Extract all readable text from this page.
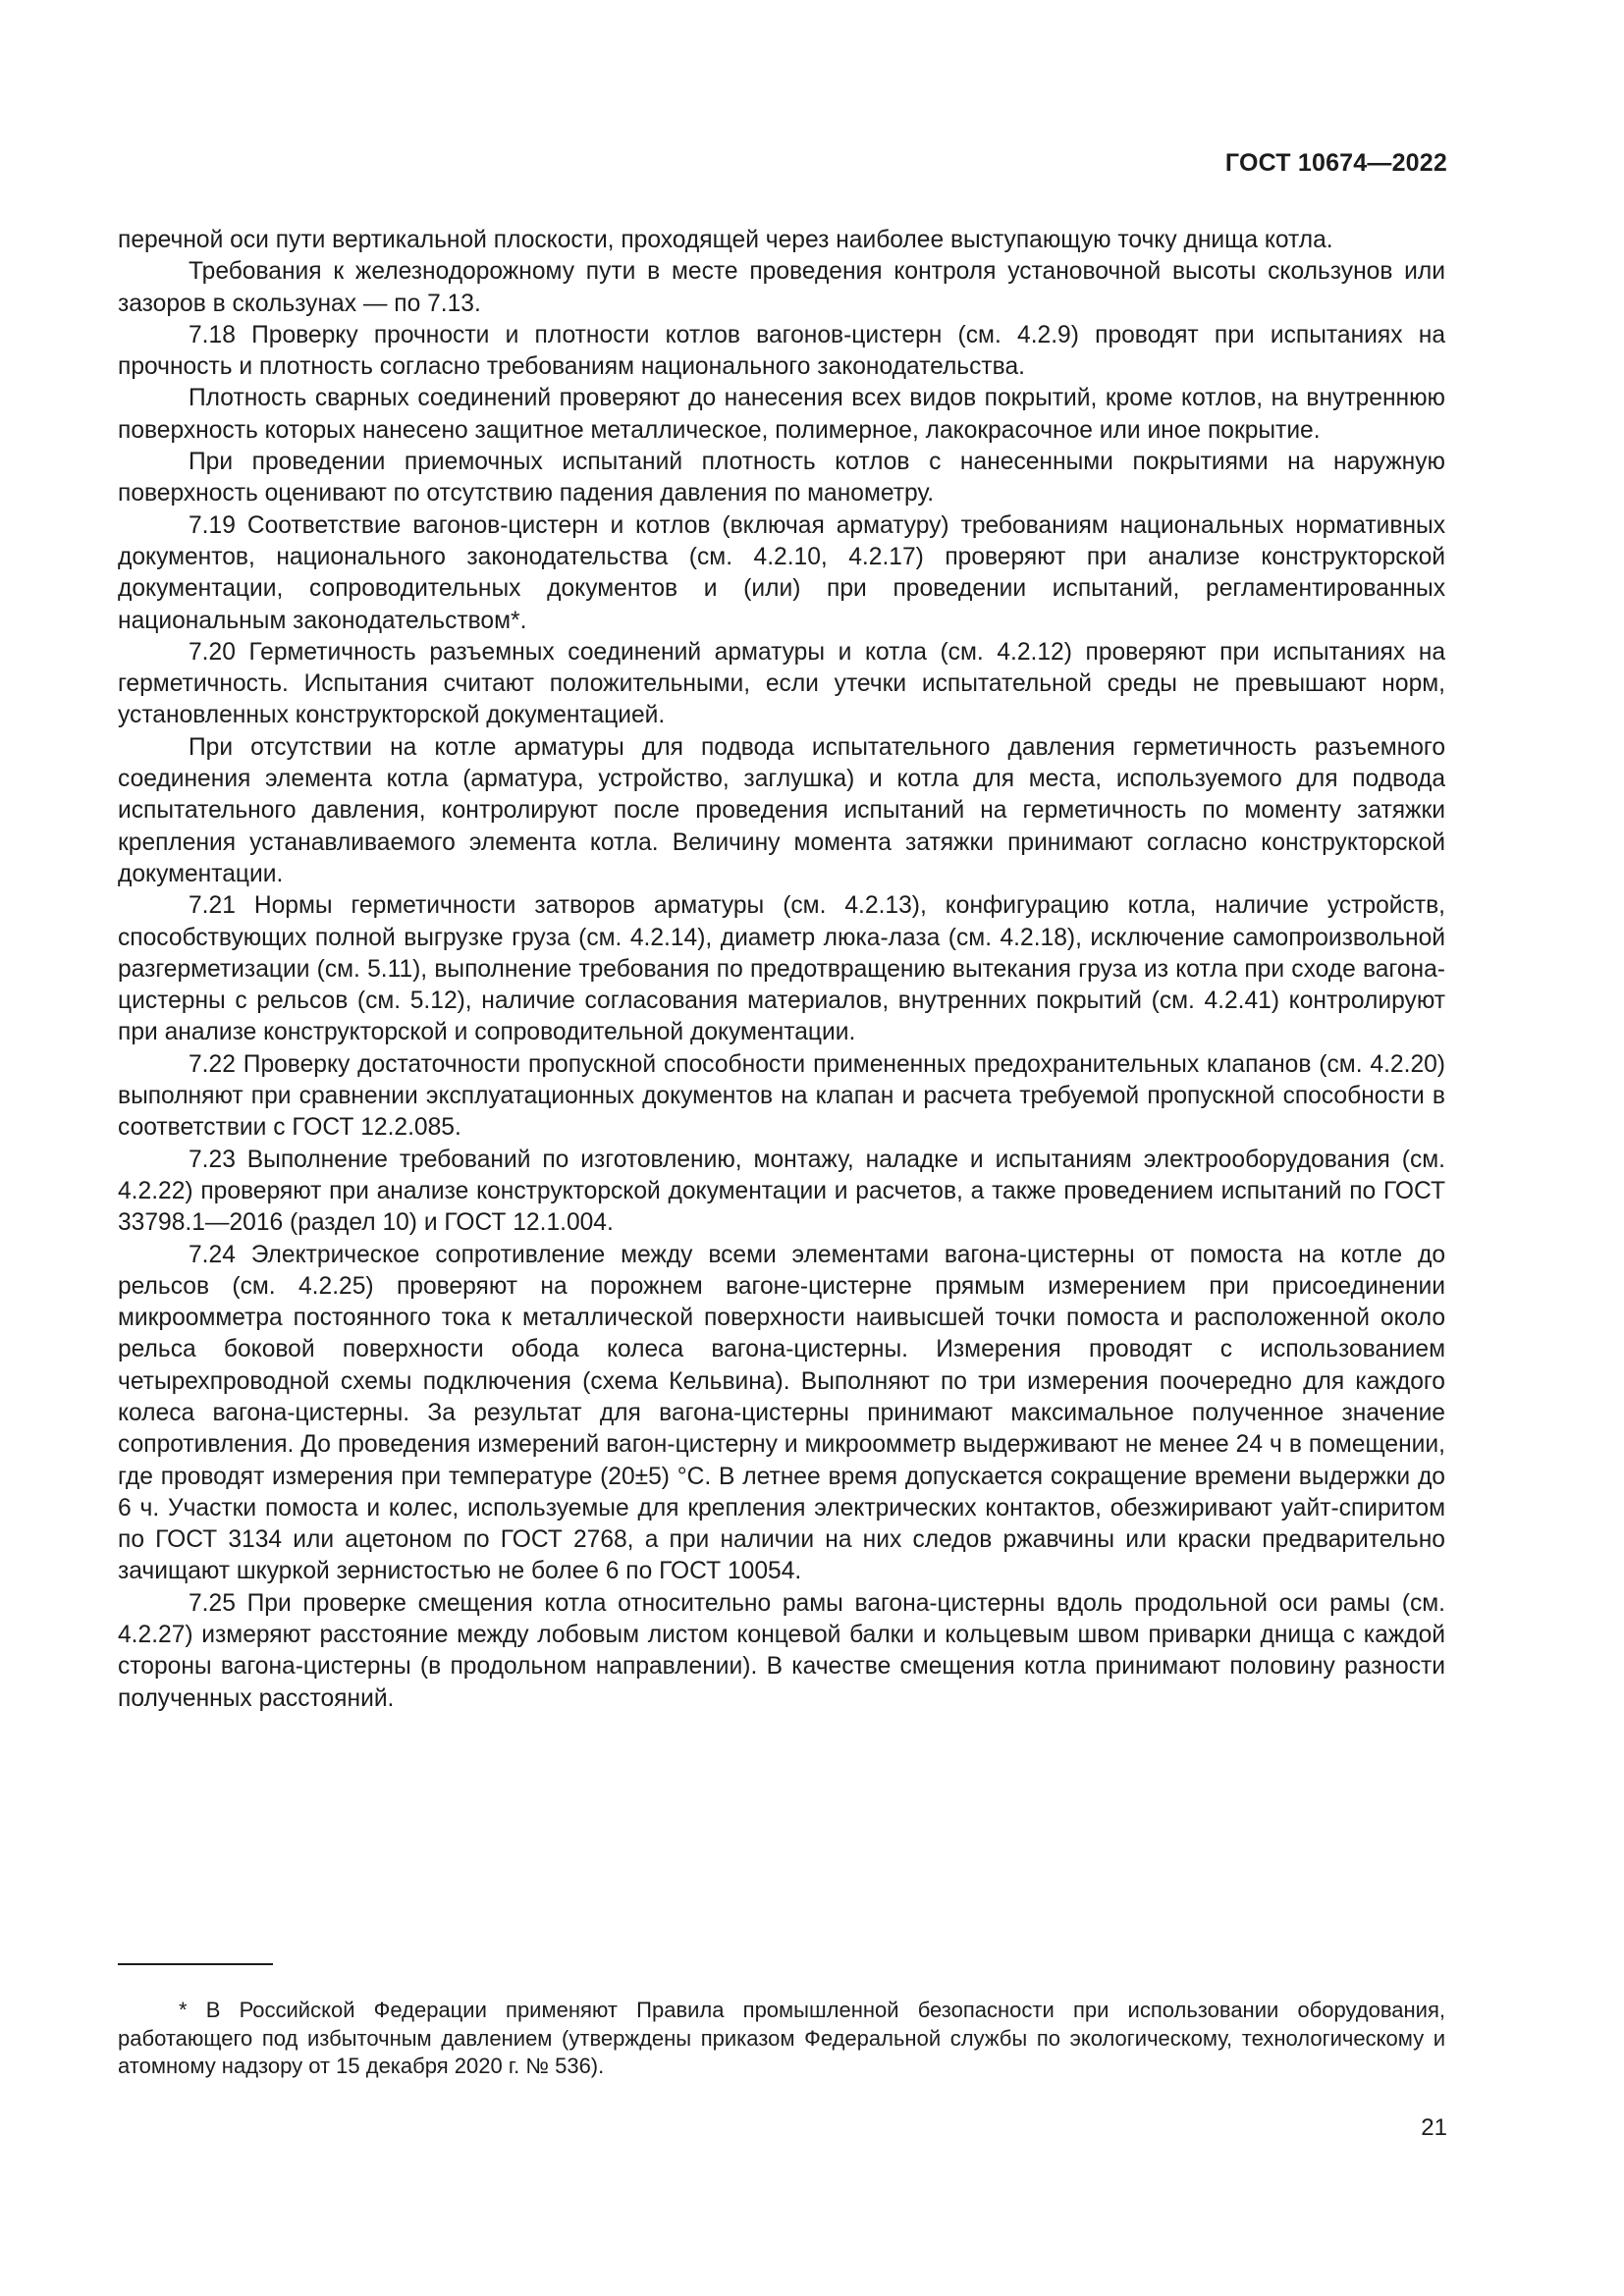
ГОСТ 10674—2022

перечной оси пути вертикальной плоскости, проходящей через наиболее выступающую точку днища котла.

Требования к железнодорожному пути в месте проведения контроля установочной высоты скользунов или зазоров в скользунах — по 7.13.

7.18 Проверку прочности и плотности котлов вагонов-цистерн (см. 4.2.9) проводят при испытаниях на прочность и плотность согласно требованиям национального законодательства.

Плотность сварных соединений проверяют до нанесения всех видов покрытий, кроме котлов, на внутреннюю поверхность которых нанесено защитное металлическое, полимерное, лакокрасочное или иное покрытие.

При проведении приемочных испытаний плотность котлов с нанесенными покрытиями на наружную поверхность оценивают по отсутствию падения давления по манометру.

7.19 Соответствие вагонов-цистерн и котлов (включая арматуру) требованиям национальных нормативных документов, национального законодательства (см. 4.2.10, 4.2.17) проверяют при анализе конструкторской документации, сопроводительных документов и (или) при проведении испытаний, регламентированных национальным законодательством*.

7.20 Герметичность разъемных соединений арматуры и котла (см. 4.2.12) проверяют при испытаниях на герметичность. Испытания считают положительными, если утечки испытательной среды не превышают норм, установленных конструкторской документацией.

При отсутствии на котле арматуры для подвода испытательного давления герметичность разъемного соединения элемента котла (арматура, устройство, заглушка) и котла для места, используемого для подвода испытательного давления, контролируют после проведения испытаний на герметичность по моменту затяжки крепления устанавливаемого элемента котла. Величину момента затяжки принимают согласно конструкторской документации.

7.21 Нормы герметичности затворов арматуры (см. 4.2.13), конфигурацию котла, наличие устройств, способствующих полной выгрузке груза (см. 4.2.14), диаметр люка-лаза (см. 4.2.18), исключение самопроизвольной разгерметизации (см. 5.11), выполнение требования по предотвращению вытекания груза из котла при сходе вагона-цистерны с рельсов (см. 5.12), наличие согласования материалов, внутренних покрытий (см. 4.2.41) контролируют при анализе конструкторской и сопроводительной документации.

7.22 Проверку достаточности пропускной способности примененных предохранительных клапанов (см. 4.2.20) выполняют при сравнении эксплуатационных документов на клапан и расчета требуемой пропускной способности в соответствии с ГОСТ 12.2.085.

7.23 Выполнение требований по изготовлению, монтажу, наладке и испытаниям электрооборудования (см. 4.2.22) проверяют при анализе конструкторской документации и расчетов, а также проведением испытаний по ГОСТ 33798.1—2016 (раздел 10) и ГОСТ 12.1.004.

7.24 Электрическое сопротивление между всеми элементами вагона-цистерны от помоста на котле до рельсов (см. 4.2.25) проверяют на порожнем вагоне-цистерне прямым измерением при присоединении микроомметра постоянного тока к металлической поверхности наивысшей точки помоста и расположенной около рельса боковой поверхности обода колеса вагона-цистерны. Измерения проводят с использованием четырехпроводной схемы подключения (схема Кельвина). Выполняют по три измерения поочередно для каждого колеса вагона-цистерны. За результат для вагона-цистерны принимают максимальное полученное значение сопротивления. До проведения измерений вагон-цистерну и микроомметр выдерживают не менее 24 ч в помещении, где проводят измерения при температуре (20±5) °С. В летнее время допускается сокращение времени выдержки до 6 ч. Участки помоста и колес, используемые для крепления электрических контактов, обезжиривают уайт-спиритом по ГОСТ 3134 или ацетоном по ГОСТ 2768, а при наличии на них следов ржавчины или краски предварительно зачищают шкуркой зернистостью не более 6 по ГОСТ 10054.

7.25 При проверке смещения котла относительно рамы вагона-цистерны вдоль продольной оси рамы (см. 4.2.27) измеряют расстояние между лобовым листом концевой балки и кольцевым швом приварки днища с каждой стороны вагона-цистерны (в продольном направлении). В качестве смещения котла принимают половину разности полученных расстояний.

* В Российской Федерации применяют Правила промышленной безопасности при использовании оборудования, работающего под избыточным давлением (утверждены приказом Федеральной службы по экологическому, технологическому и атомному надзору от 15 декабря 2020 г. № 536).

21
